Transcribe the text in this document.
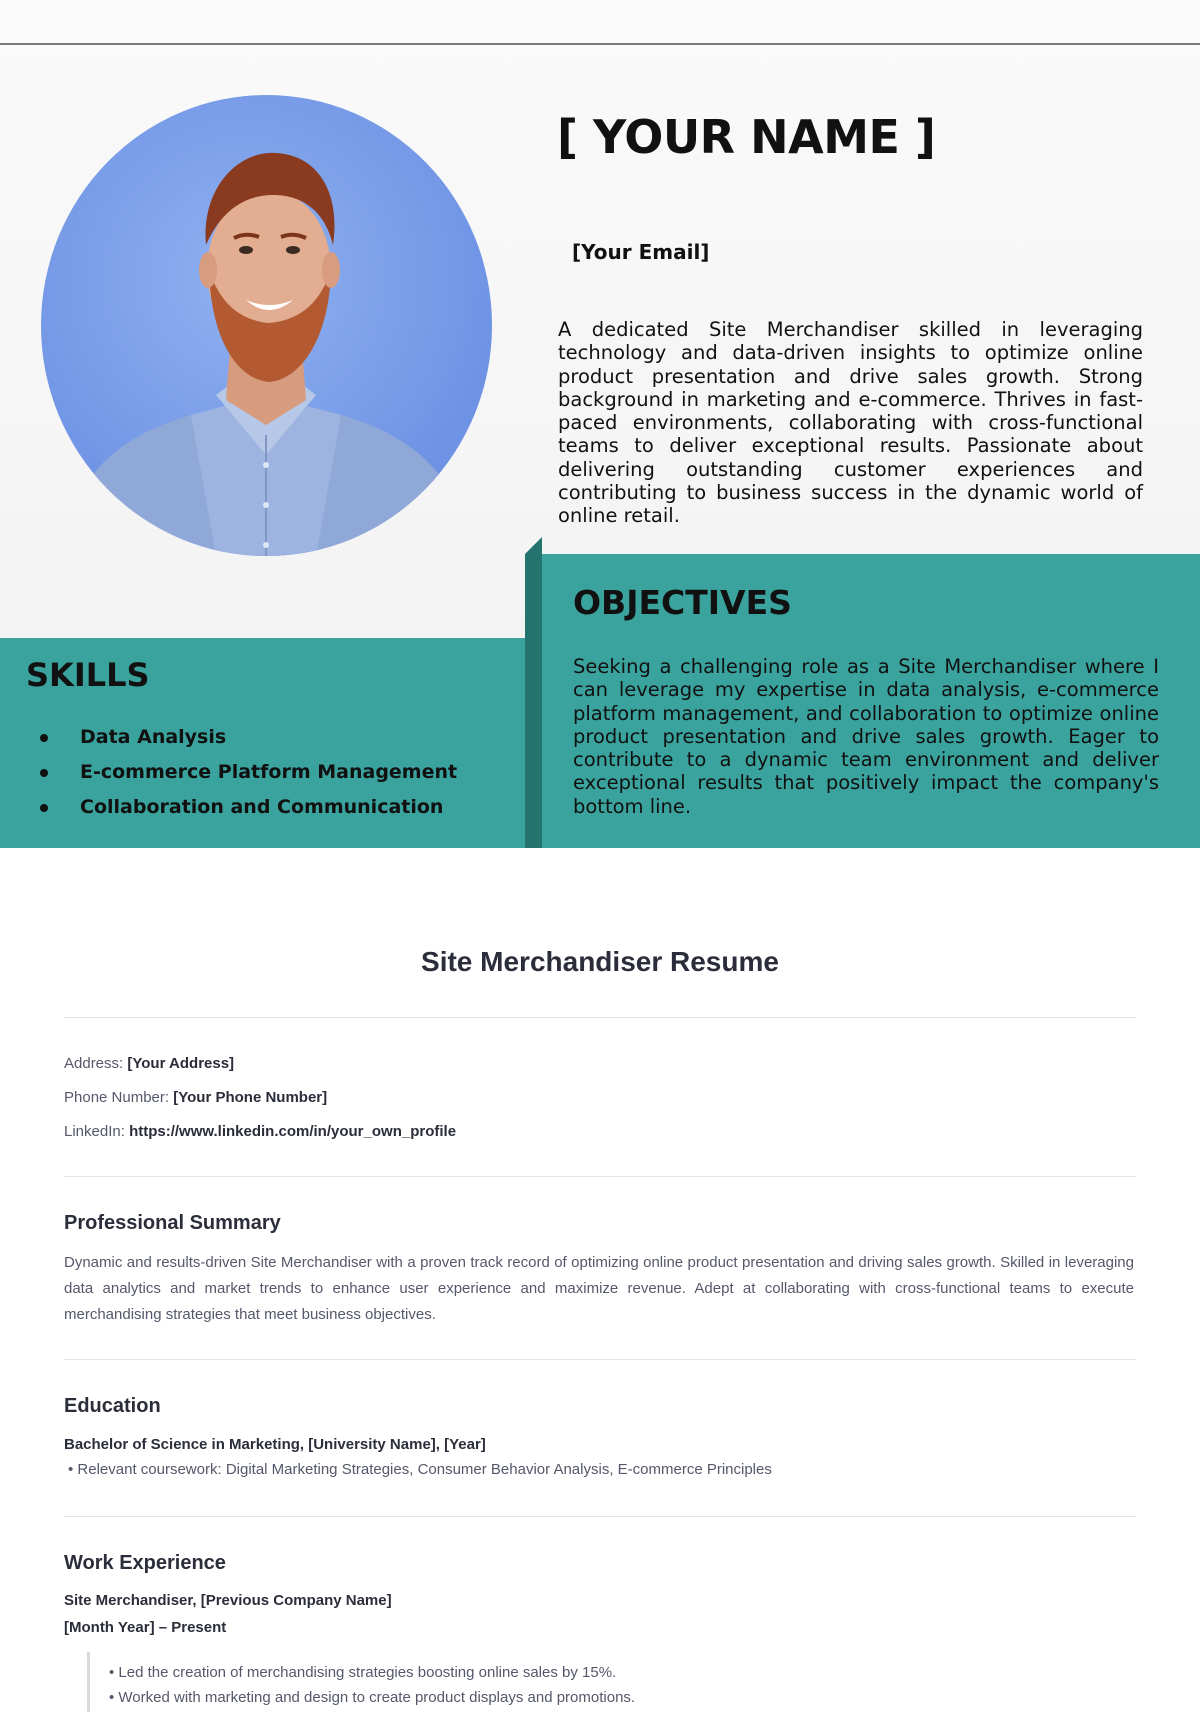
[ YOUR NAME ]
[Your Email]

A dedicated Site Merchandiser skilled in leveraging technology and data-driven insights to optimize online product presentation and drive sales growth. Strong background in marketing and e-commerce. Thrives in fast-paced environments, collaborating with cross-functional teams to deliver exceptional results. Passionate about delivering outstanding customer experiences and contributing to business success in the dynamic world of online retail.

SKILLS
Data Analysis
E-commerce Platform Management
Collaboration and Communication
OBJECTIVES

Seeking a challenging role as a Site Merchandiser where I can leverage my expertise in data analysis, e-commerce platform management, and collaboration to optimize online product presentation and drive sales growth. Eager to contribute to a dynamic team environment and deliver exceptional results that positively impact the company's bottom line.

Site Merchandiser Resume
Address: [Your Address]
Phone Number: [Your Phone Number]
LinkedIn: https://www.linkedin.com/in/your_own_profile
Professional Summary

Dynamic and results-driven Site Merchandiser with a proven track record of optimizing online product presentation and driving sales growth. Skilled in leveraging data analytics and market trends to enhance user experience and maximize revenue. Adept at collaborating with cross-functional teams to execute merchandising strategies that meet business objectives.

Education
Bachelor of Science in Marketing, [University Name], [Year]
• Relevant coursework: Digital Marketing Strategies, Consumer Behavior Analysis, E-commerce Principles
Work Experience
Site Merchandiser, [Previous Company Name]
[Month Year] – Present
• Led the creation of merchandising strategies boosting online sales by 15%.
• Worked with marketing and design to create product displays and promotions.
